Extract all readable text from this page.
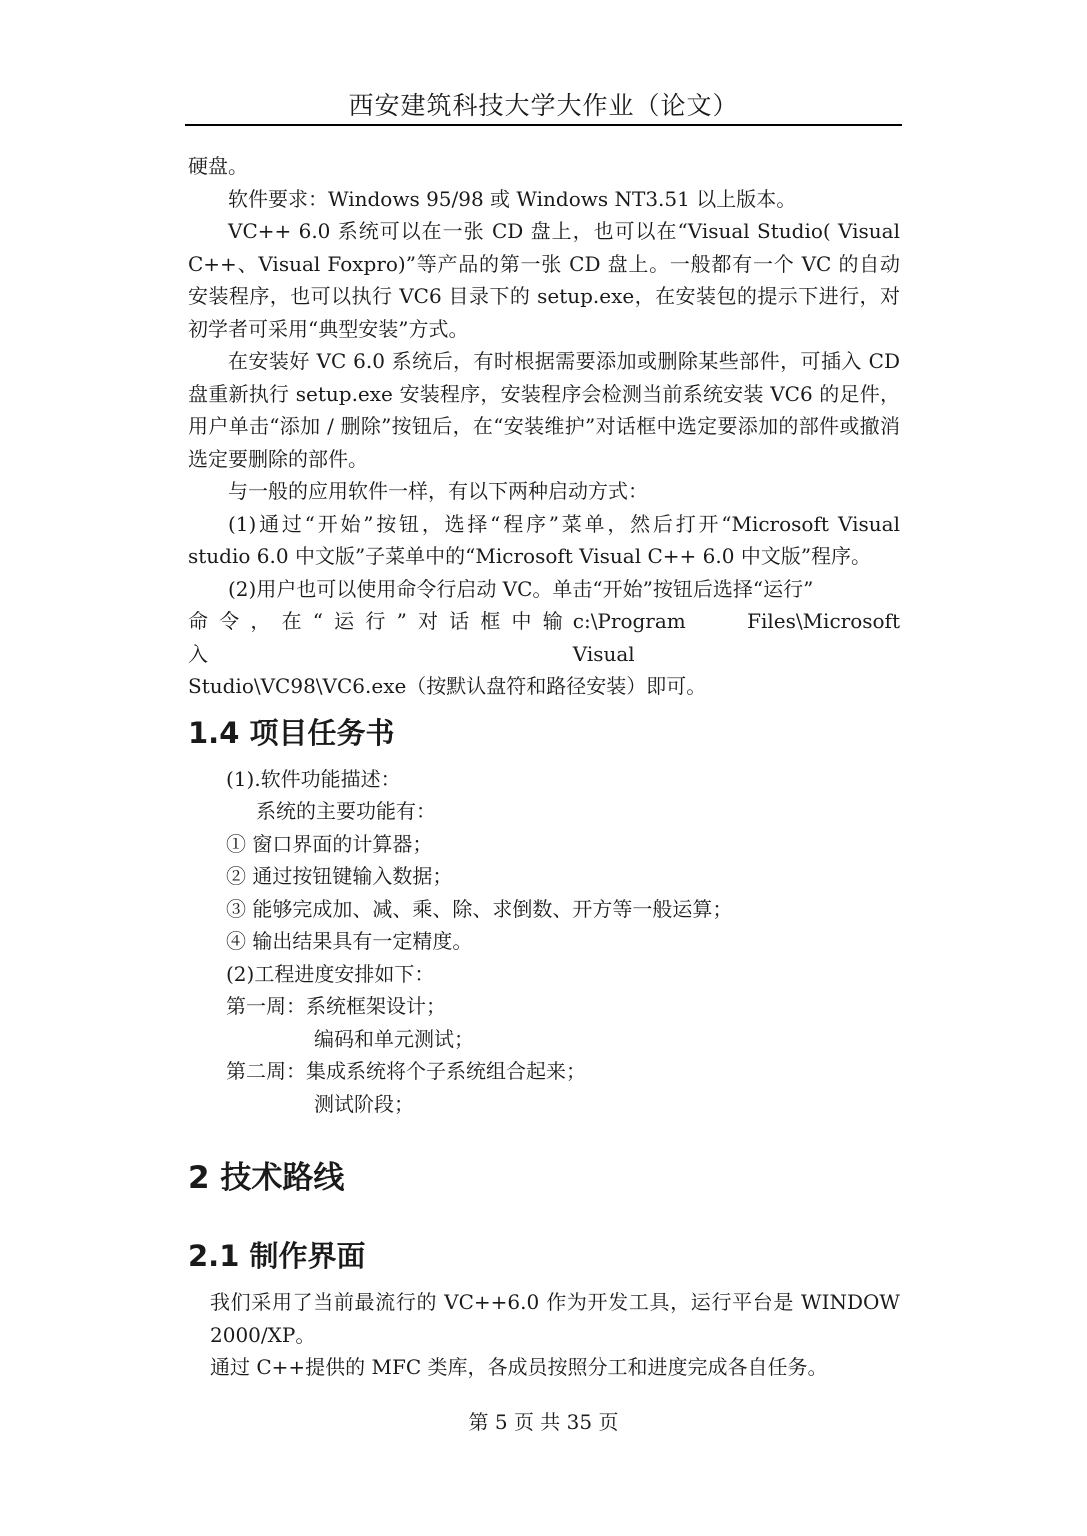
西安建筑科技大学大作业（论文）

硬盘。

软件要求：Windows 95/98 或 Windows NT3.51 以上版本。

VC++ 6.0 系统可以在一张 CD 盘上，也可以在“Visual Studio( Visual C++、Visual Foxpro)”等产品的第一张 CD 盘上。一般都有一个 VC 的自动安装程序，也可以执行 VC6 目录下的 setup.exe，在安装包的提示下进行，对初学者可采用“典型安装”方式。

在安装好 VC 6.0 系统后，有时根据需要添加或删除某些部件，可插入 CD 盘重新执行 setup.exe 安装程序，安装程序会检测当前系统安装 VC6 的足件，用户单击“添加 / 删除”按钮后，在“安装维护”对话框中选定要添加的部件或撤消选定要删除的部件。

与一般的应用软件一样，有以下两种启动方式：

(1)通过“开始”按钮，选择“程序”菜单，然后打开“Microsoft Visual studio 6.0 中文版”子菜单中的“Microsoft Visual C++ 6.0 中文版”程序。

(2)用户也可以使用命令行启动 VC。单击“开始”按钮后选择“运行”

命令，在“运行”对话框中输入
c:\Program Files\Microsoft Visual

Studio\VC98\VC6.exe（按默认盘符和路径安装）即可。

1.4 项目任务书

(1).软件功能描述：

系统的主要功能有：

① 窗口界面的计算器；

② 通过按钮键输入数据；

③ 能够完成加、减、乘、除、求倒数、开方等一般运算；

④ 输出结果具有一定精度。

(2)工程进度安排如下：

第一周：系统框架设计；

编码和单元测试；

第二周：集成系统将个子系统组合起来；

测试阶段；

2 技术路线
2.1 制作界面

我们采用了当前最流行的 VC++6.0 作为开发工具，运行平台是 WINDOW 2000/XP。

通过 C++提供的 MFC 类库，各成员按照分工和进度完成各自任务。

第 5 页 共 35 页
